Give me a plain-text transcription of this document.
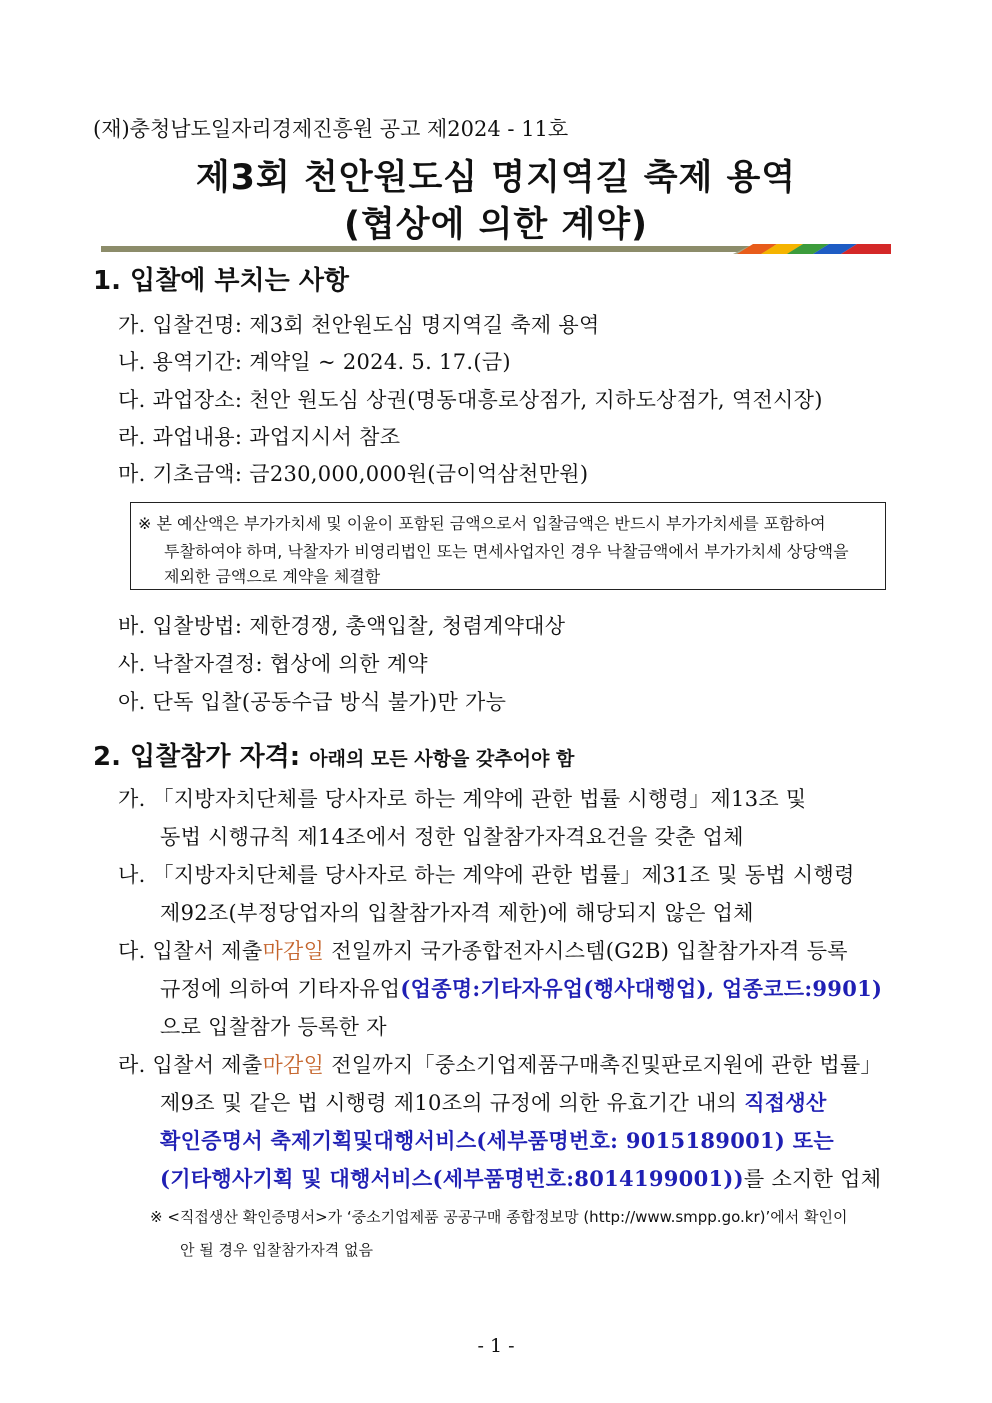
(재)충청남도일자리경제진흥원 공고 제2024 - 11호
제3회 천안원도심 명지역길 축제 용역
(협상에 의한 계약)
1. 입찰에 부치는 사항
가. 입찰건명: 제3회 천안원도심 명지역길 축제 용역
나. 용역기간: 계약일 ~ 2024. 5. 17.(금)
다. 과업장소: 천안 원도심 상권(명동대흥로상점가, 지하도상점가, 역전시장)
라. 과업내용: 과업지시서 참조
마. 기초금액: 금230,000,000원(금이억삼천만원)
※ 본 예산액은 부가가치세 및 이윤이 포함된 금액으로서 입찰금액은 반드시 부가가치세를 포함하여
투찰하여야 하며, 낙찰자가 비영리법인 또는 면세사업자인 경우 낙찰금액에서 부가가치세 상당액을
제외한 금액으로 계약을 체결함
바. 입찰방법: 제한경쟁, 총액입찰, 청렴계약대상
사. 낙찰자결정: 협상에 의한 계약
아. 단독 입찰(공동수급 방식 불가)만 가능
2. 입찰참가 자격: 아래의 모든 사항을 갖추어야 함
가. 「지방자치단체를 당사자로 하는 계약에 관한 법률 시행령」제13조 및
동법 시행규칙 제14조에서 정한 입찰참가자격요건을 갖춘 업체
나. 「지방자치단체를 당사자로 하는 계약에 관한 법률」제31조 및 동법 시행령
제92조(부정당업자의 입찰참가자격 제한)에 해당되지 않은 업체
다. 입찰서 제출마감일 전일까지 국가종합전자시스템(G2B) 입찰참가자격 등록
규정에 의하여 기타자유업(업종명:기타자유업(행사대행업), 업종코드:9901)
으로 입찰참가 등록한 자
라. 입찰서 제출마감일 전일까지「중소기업제품구매촉진및판로지원에 관한 법률」
제9조 및 같은 법 시행령 제10조의 규정에 의한 유효기간 내의 직접생산
확인증명서 축제기획및대행서비스(세부품명번호: 9015189001) 또는
(기타행사기획 및 대행서비스(세부품명번호:8014199001))를 소지한 업체
※ <직접생산 확인증명서>가 ‘중소기업제품 공공구매 종합정보망 (http://www.smpp.go.kr)’에서 확인이
안 될 경우 입찰참가자격 없음
- 1 -
